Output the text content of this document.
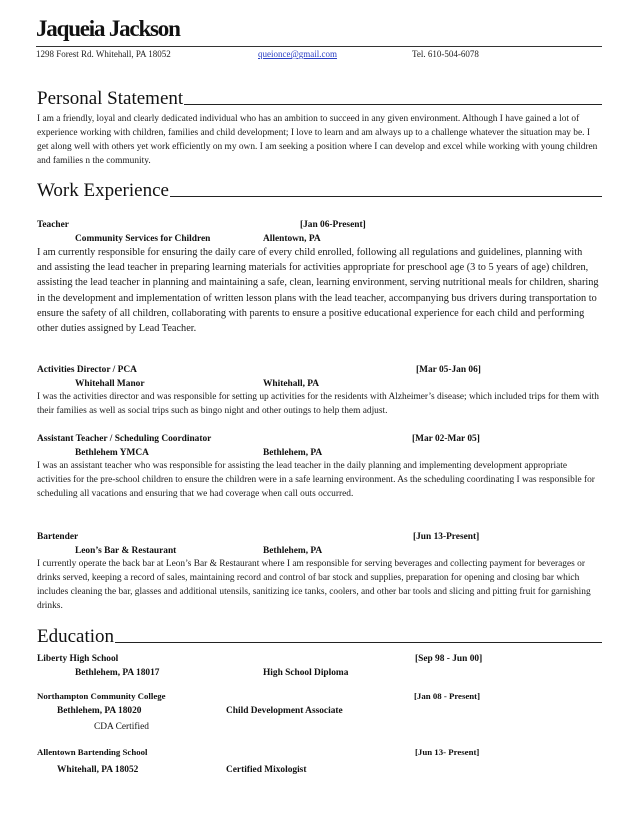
Jaqueia Jackson
1298 Forest Rd. Whitehall, PA 18052	queionce@gmail.com	Tel. 610-504-6078
Personal Statement
I am a friendly, loyal and clearly dedicated individual who has an ambition to succeed in any given environment. Although I have gained a lot of experience working with children, families and child development; I love to learn and am always up to a challenge whatever the situation may be. I get along well with others yet work efficiently on my own. I am seeking a position where I can develop and excel while working with young children and families n the community.
Work Experience
Teacher	[Jan 06-Present]
Community Services for Children	Allentown, PA
I am currently responsible for ensuring the daily care of every child enrolled, following all regulations and guidelines, planning with and assisting the lead teacher in preparing learning materials for activities appropriate for preschool age (3 to 5 years of age) children, assisting the lead teacher in planning and maintaining a safe, clean, learning environment, serving nutritional meals for children, sharing in the development and implementation of written lesson plans with the lead teacher, accompanying bus drivers during transportation to ensure the safety of all children, collaborating with parents to ensure a positive educational experience for each child and performing other duties assigned by Lead Teacher.
Activities Director / PCA	[Mar 05-Jan 06]
Whitehall Manor	Whitehall, PA
I was the activities director and was responsible for setting up activities for the residents with Alzheimer’s disease; which included trips for them with their families as well as social trips such as bingo night and other outings to help them adjust.
Assistant Teacher / Scheduling Coordinator	[Mar 02-Mar 05]
Bethlehem YMCA	Bethlehem, PA
I was an assistant teacher who was responsible for assisting the lead teacher in the daily planning and implementing development appropriate activities for the pre-school children to ensure the children were in a safe learning environment. As the scheduling coordinating I was responsible for scheduling all vacations and ensuring that we had coverage when call outs occurred.
Bartender	[Jun 13-Present]
Leon’s Bar & Restaurant	Bethlehem, PA
I currently operate the back bar at Leon’s Bar & Restaurant where I am responsible for serving beverages and collecting payment for beverages or drinks served, keeping a record of sales, maintaining record and control of bar stock and supplies, preparation for opening and closing bar which includes cleaning the bar, glasses and additional utensils, sanitizing ice tanks, coolers, and other bar tools and slicing and pitting fruit for garnishing drinks.
Education
Liberty High School	[Sep 98 - Jun 00]
Bethlehem, PA 18017	High School Diploma
Northampton Community College	[Jan 08 - Present]
Bethlehem, PA 18020	Child Development Associate
CDA Certified
Allentown Bartending School	[Jun 13- Present]
Whitehall, PA 18052	Certified Mixologist
